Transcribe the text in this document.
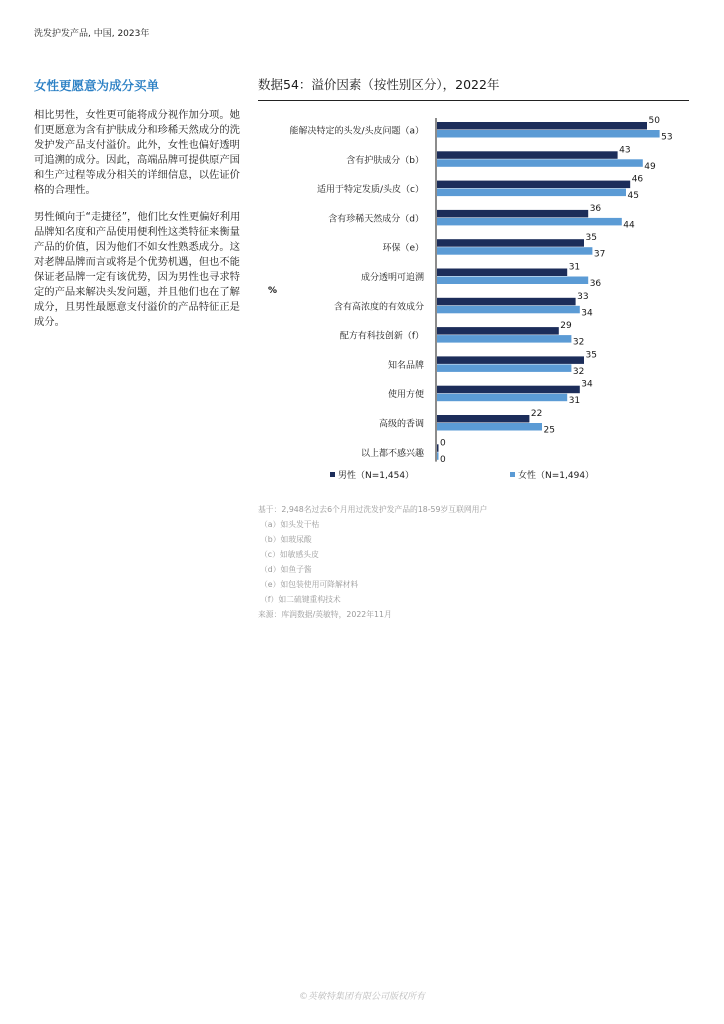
洗发护发产品, 中国, 2023年
女性更愿意为成分买单

相比男性，女性更可能将成分视作加分项。她们更愿意为含有护肤成分和珍稀天然成分的洗发护发产品支付溢价。此外，女性也偏好透明可追溯的成分。因此，高端品牌可提供原产国和生产过程等成分相关的详细信息，以佐证价格的合理性。

男性倾向于“走捷径”，他们比女性更偏好利用品牌知名度和产品使用便利性这类特征来衡量产品的价值，因为他们不如女性熟悉成分。这对老牌品牌而言或将是个优势机遇，但也不能保证老品牌一定有该优势，因为男性也寻求特定的产品来解决头发问题，并且他们也在了解成分，且男性最愿意支付溢价的产品特征正是成分。

数据54：溢价因素（按性别区分），2022年
%
能解决特定的头发/头皮问题（a）
50
53
含有护肤成分（b）
43
49
适用于特定发质/头皮（c）
46
45
含有珍稀天然成分（d）
36
44
环保（e）
35
37
成分透明可追溯
31
36
含有高浓度的有效成分
33
34
配方有科技创新（f）
29
32
知名品牌
35
32
使用方便
34
31
高级的香调
22
25
以上都不感兴趣
0
0
男性（N=1,454）	女性（N=1,494）
基于：2,948名过去6个月用过洗发护发产品的18-59岁互联网用户
（a）如头发干枯
（b）如玻尿酸
（c）如敏感头皮
（d）如鱼子酱
（e）如包装使用可降解材料
（f）如二硫键重构技术
来源：库润数据/英敏特，2022年11月
©英敏特集团有限公司版权所有
